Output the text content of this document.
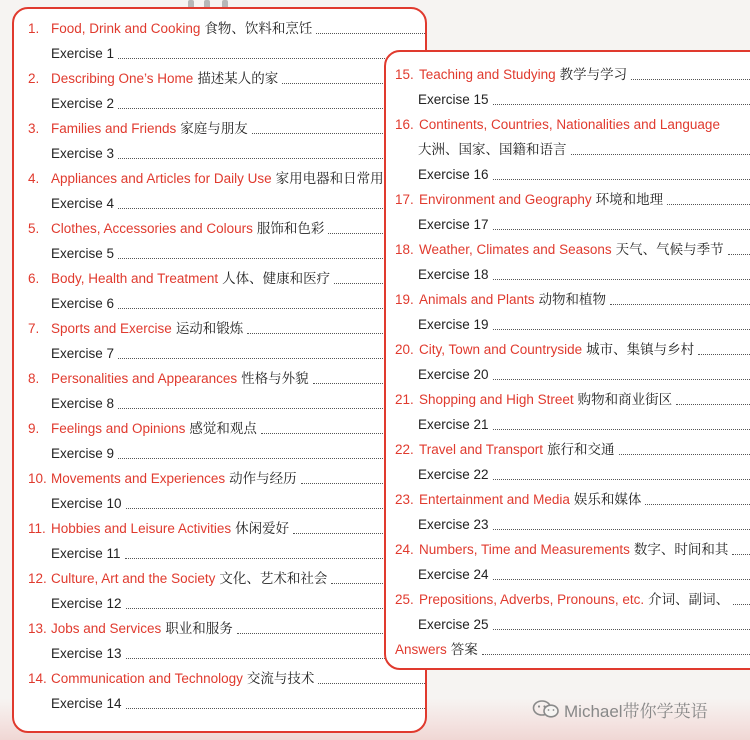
1. Food, Drink and Cooking 食物、饮料和烹饪
Exercise 1
2. Describing One’s Home 描述某人的家
Exercise 2
3. Families and Friends 家庭与朋友
Exercise 3
4. Appliances and Articles for Daily Use 家用电器和日常用
Exercise 4
5. Clothes, Accessories and Colours 服饰和色彩
Exercise 5
6. Body, Health and Treatment 人体、健康和医疗
Exercise 6
7. Sports and Exercise 运动和锻炼
Exercise 7
8. Personalities and Appearances 性格与外貌
Exercise 8
9. Feelings and Opinions 感觉和观点
Exercise 9
10. Movements and Experiences 动作与经历
Exercise 10
11. Hobbies and Leisure Activities 休闲爱好
Exercise 11
12. Culture, Art and the Society 文化、艺术和社会
Exercise 12
13. Jobs and Services 职业和服务
Exercise 13
14. Communication and Technology 交流与技术
Exercise 14
15. Teaching and Studying 教学与学习
Exercise 15
16. Continents, Countries, Nationalities and Language
大洲、国家、国籍和语言
Exercise 16
17. Environment and Geography 环境和地理
Exercise 17
18. Weather, Climates and Seasons 天气、气候与季节
Exercise 18
19. Animals and Plants 动物和植物
Exercise 19
20. City, Town and Countryside 城市、集镇与乡村
Exercise 20
21. Shopping and High Street 购物和商业街区
Exercise 21
22. Travel and Transport 旅行和交通
Exercise 22
23. Entertainment and Media 娱乐和媒体
Exercise 23
24. Numbers, Time and Measurements 数字、时间和其
Exercise 24
25. Prepositions, Adverbs, Pronouns, etc. 介词、副词、
Exercise 25
Answers 答案
Michael带你学英语
